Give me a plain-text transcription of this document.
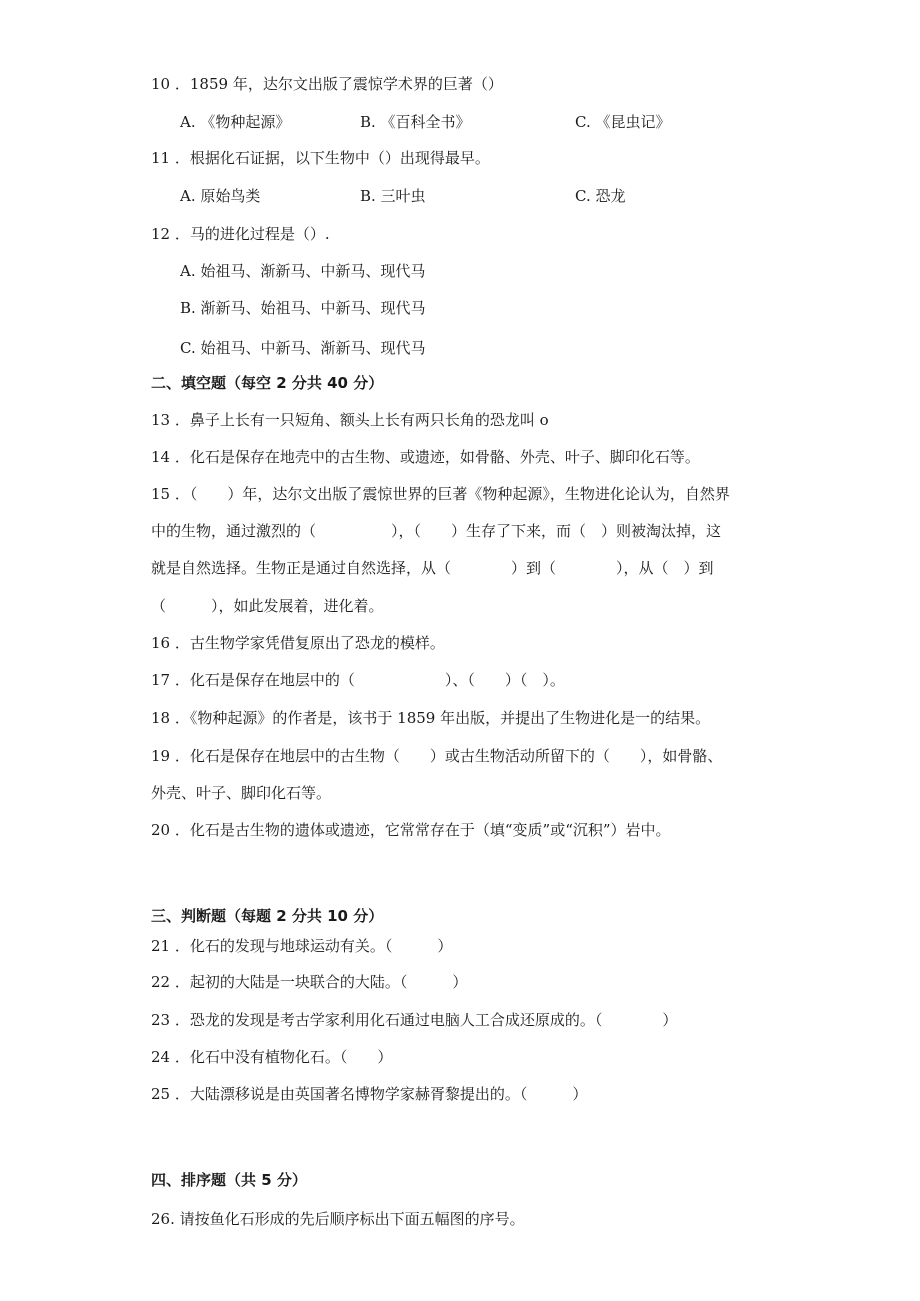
10 ．1859 年，达尔文出版了震惊学术界的巨著（）
A. 《物种起源》	B. 《百科全书》	C. 《昆虫记》
11 ．根据化石证据，以下生物中（）出现得最早。
A. 原始鸟类	B. 三叶虫	C. 恐龙
12 ．马的进化过程是（）.
A. 始祖马、渐新马、中新马、现代马
B. 渐新马、始祖马、中新马、现代马
C. 始祖马、中新马、渐新马、现代马
二、填空题（每空 2 分共 40 分）
13 ．鼻子上长有一只短角、额头上长有两只长角的恐龙叫 o
14 ．化石是保存在地壳中的古生物、或遗迹，如骨骼、外壳、叶子、脚印化石等。
15 ．（　　）年，达尔文出版了震惊世界的巨著《物种起源》，生物进化论认为，自然界
中的生物，通过激烈的（　　　　　），（　　）生存了下来，而（　）则被淘汰掉，这
就是自然选择。生物正是通过自然选择，从（　　　　）到（　　　　），从（　）到
（　　　），如此发展着，进化着。
16 ．古生物学家凭借复原出了恐龙的模样。
17 ．化石是保存在地层中的（　　　　　　）、（　　）（　）。
18 ．《物种起源》的作者是，该书于 1859 年出版，并提出了生物进化是一的结果。
19 ．化石是保存在地层中的古生物（　　）或古生物活动所留下的（　　），如骨骼、
外壳、叶子、脚印化石等。
20 ．化石是古生物的遗体或遗迹，它常常存在于（填“变质”或“沉积”）岩中。
三、判断题（每题 2 分共 10 分）
21 ．化石的发现与地球运动有关。（　　　）
22 ．起初的大陆是一块联合的大陆。（　　　）
23 ．恐龙的发现是考古学家利用化石通过电脑人工合成还原成的。（　　　　）
24 ．化石中没有植物化石。（　　）
25 ．大陆漂移说是由英国著名博物学家赫胥黎提出的。（　　　）
四、排序题（共 5 分）
26. 请按鱼化石形成的先后顺序标出下面五幅图的序号。
